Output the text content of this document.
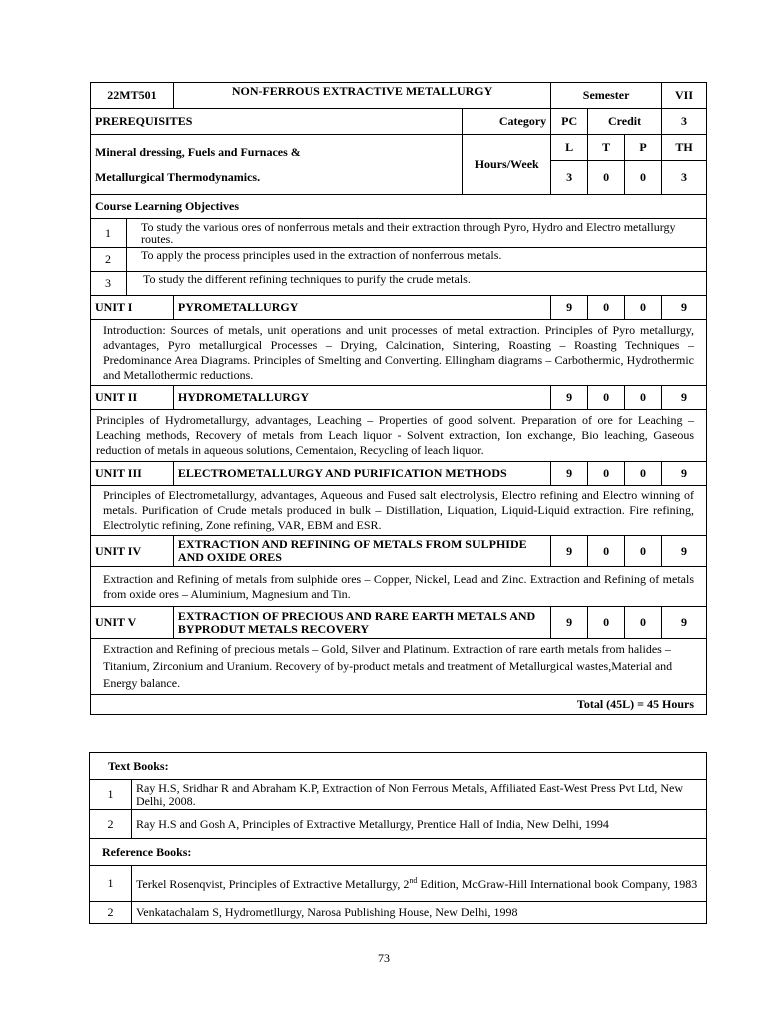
22MT501	NON-FERROUS EXTRACTIVE METALLURGY		Semester			VII
PREREQUISITES		Category	PC	Credit		3

Mineral dressing, Fuels and Furnaces &
Metallurgical Thermodynamics.		Hours/Week	L	T	P	TH
			3	0	0	3
Course Learning Objectives						

1 To study the various ores of nonferrous metals and their extraction through Pyro, Hydro and Electro metallurgy routes.						

2 To apply the process principles used in the extraction of nonferrous metals.						

3 To study the different refining techniques to purify the crude metals.						

UNIT I	PYROMETALLURGY		9	0	0	9
Introduction: Sources of metals, unit operations and unit processes of metal extraction. Principles of Pyro metallurgy, advantages, Pyro metallurgical Processes – Drying, Calcination, Sintering, Roasting – Roasting Techniques – Predominance Area Diagrams. Principles of Smelting and Converting. Ellingham diagrams – Carbothermic, Hydrothermic and Metallothermic reductions.						
UNIT II	HYDROMETALLURGY		9	0	0	9
Principles of Hydrometallurgy, advantages, Leaching – Properties of good solvent. Preparation of ore for Leaching – Leaching methods, Recovery of metals from Leach liquor - Solvent extraction, Ion exchange, Bio leaching, Gaseous reduction of metals in aqueous solutions, Cementaion, Recycling of leach liquor.						
UNIT III	ELECTROMETALLURGY AND PURIFICATION METHODS		9	0	0	9
Principles of Electrometallurgy, advantages, Aqueous and Fused salt electrolysis, Electro refining and Electro winning of metals. Purification of Crude metals produced in bulk – Distillation, Liquation, Liquid-Liquid extraction. Fire refining, Electrolytic refining, Zone refining, VAR, EBM and ESR.						
UNIT IV	EXTRACTION AND REFINING OF METALS FROM SULPHIDE AND OXIDE ORES		9	0	0	9
Extraction and Refining of metals from sulphide ores – Copper, Nickel, Lead and Zinc. Extraction and Refining of metals from oxide ores – Aluminium, Magnesium and Tin.						
UNIT V	EXTRACTION OF PRECIOUS AND RARE EARTH METALS AND BYPRODUT METALS RECOVERY		9	0	0	9
Extraction and Refining of precious metals – Gold, Silver and Platinum. Extraction of rare earth metals from halides – Titanium, Zirconium and Uranium. Recovery of by-product metals and treatment of Metallurgical wastes,Material and Energy balance.						
Total (45L) = 45 Hours						
Text Books:	
1	Ray H.S, Sridhar R and Abraham K.P, Extraction of Non Ferrous Metals, Affiliated East-West Press Pvt Ltd, New Delhi, 2008.
2	Ray H.S and Gosh A, Principles of Extractive Metallurgy, Prentice Hall of India, New Delhi, 1994
Reference Books:	
1	Terkel Rosenqvist, Principles of Extractive Metallurgy, 2nd Edition, McGraw-Hill International book Company, 1983
2	Venkatachalam S, Hydrometllurgy, Narosa Publishing House, New Delhi, 1998
73
